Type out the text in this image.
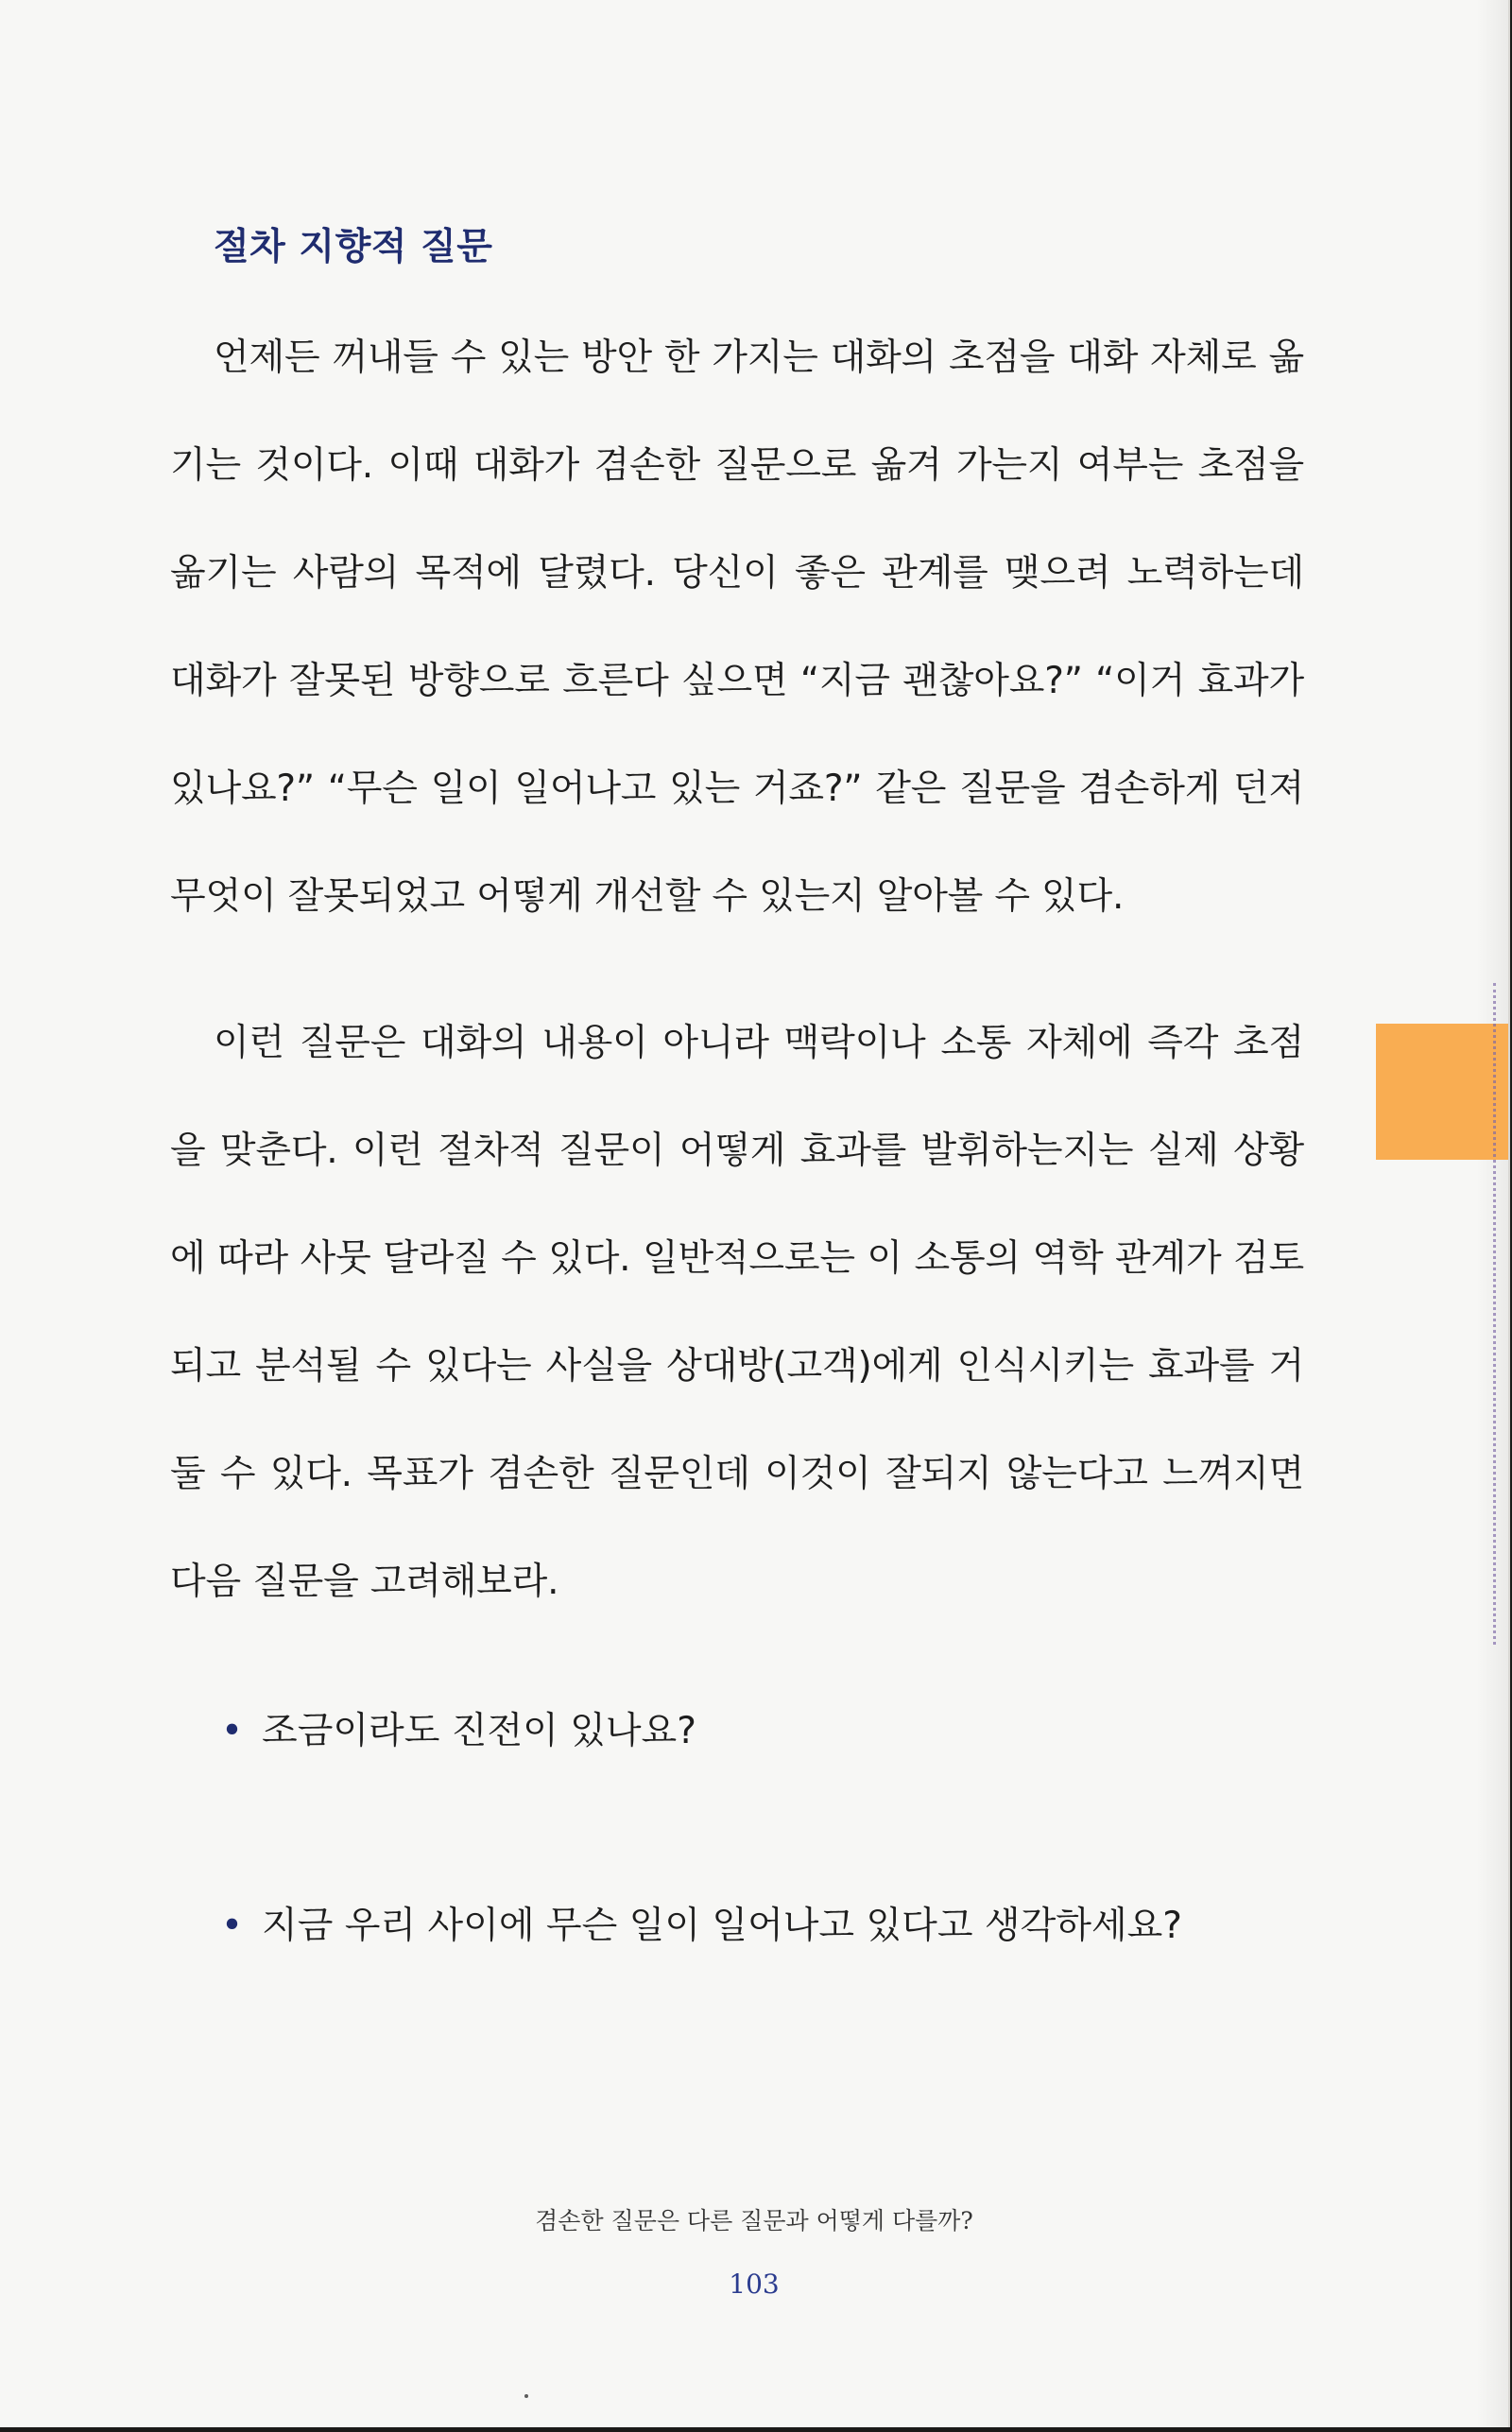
절차 지향적 질문

언제든 꺼내들 수 있는 방안 한 가지는 대화의 초점을 대화 자체로 옮기는 것이다. 이때 대화가 겸손한 질문으로 옮겨 가는지 여부는 초점을 옮기는 사람의 목적에 달렸다. 당신이 좋은 관계를 맺으려 노력하는데 대화가 잘못된 방향으로 흐른다 싶으면 “지금 괜찮아요?” “이거 효과가 있나요?” “무슨 일이 일어나고 있는 거죠?” 같은 질문을 겸손하게 던져 무엇이 잘못되었고 어떻게 개선할 수 있는지 알아볼 수 있다.

이런 질문은 대화의 내용이 아니라 맥락이나 소통 자체에 즉각 초점을 맞춘다. 이런 절차적 질문이 어떻게 효과를 발휘하는지는 실제 상황에 따라 사뭇 달라질 수 있다. 일반적으로는 이 소통의 역학 관계가 검토되고 분석될 수 있다는 사실을 상대방(고객)에게 인식시키는 효과를 거둘 수 있다. 목표가 겸손한 질문인데 이것이 잘되지 않는다고 느껴지면 다음 질문을 고려해보라.

• 조금이라도 진전이 있나요?
• 지금 우리 사이에 무슨 일이 일어나고 있다고 생각하세요?
겸손한 질문은 다른 질문과 어떻게 다를까?
103
